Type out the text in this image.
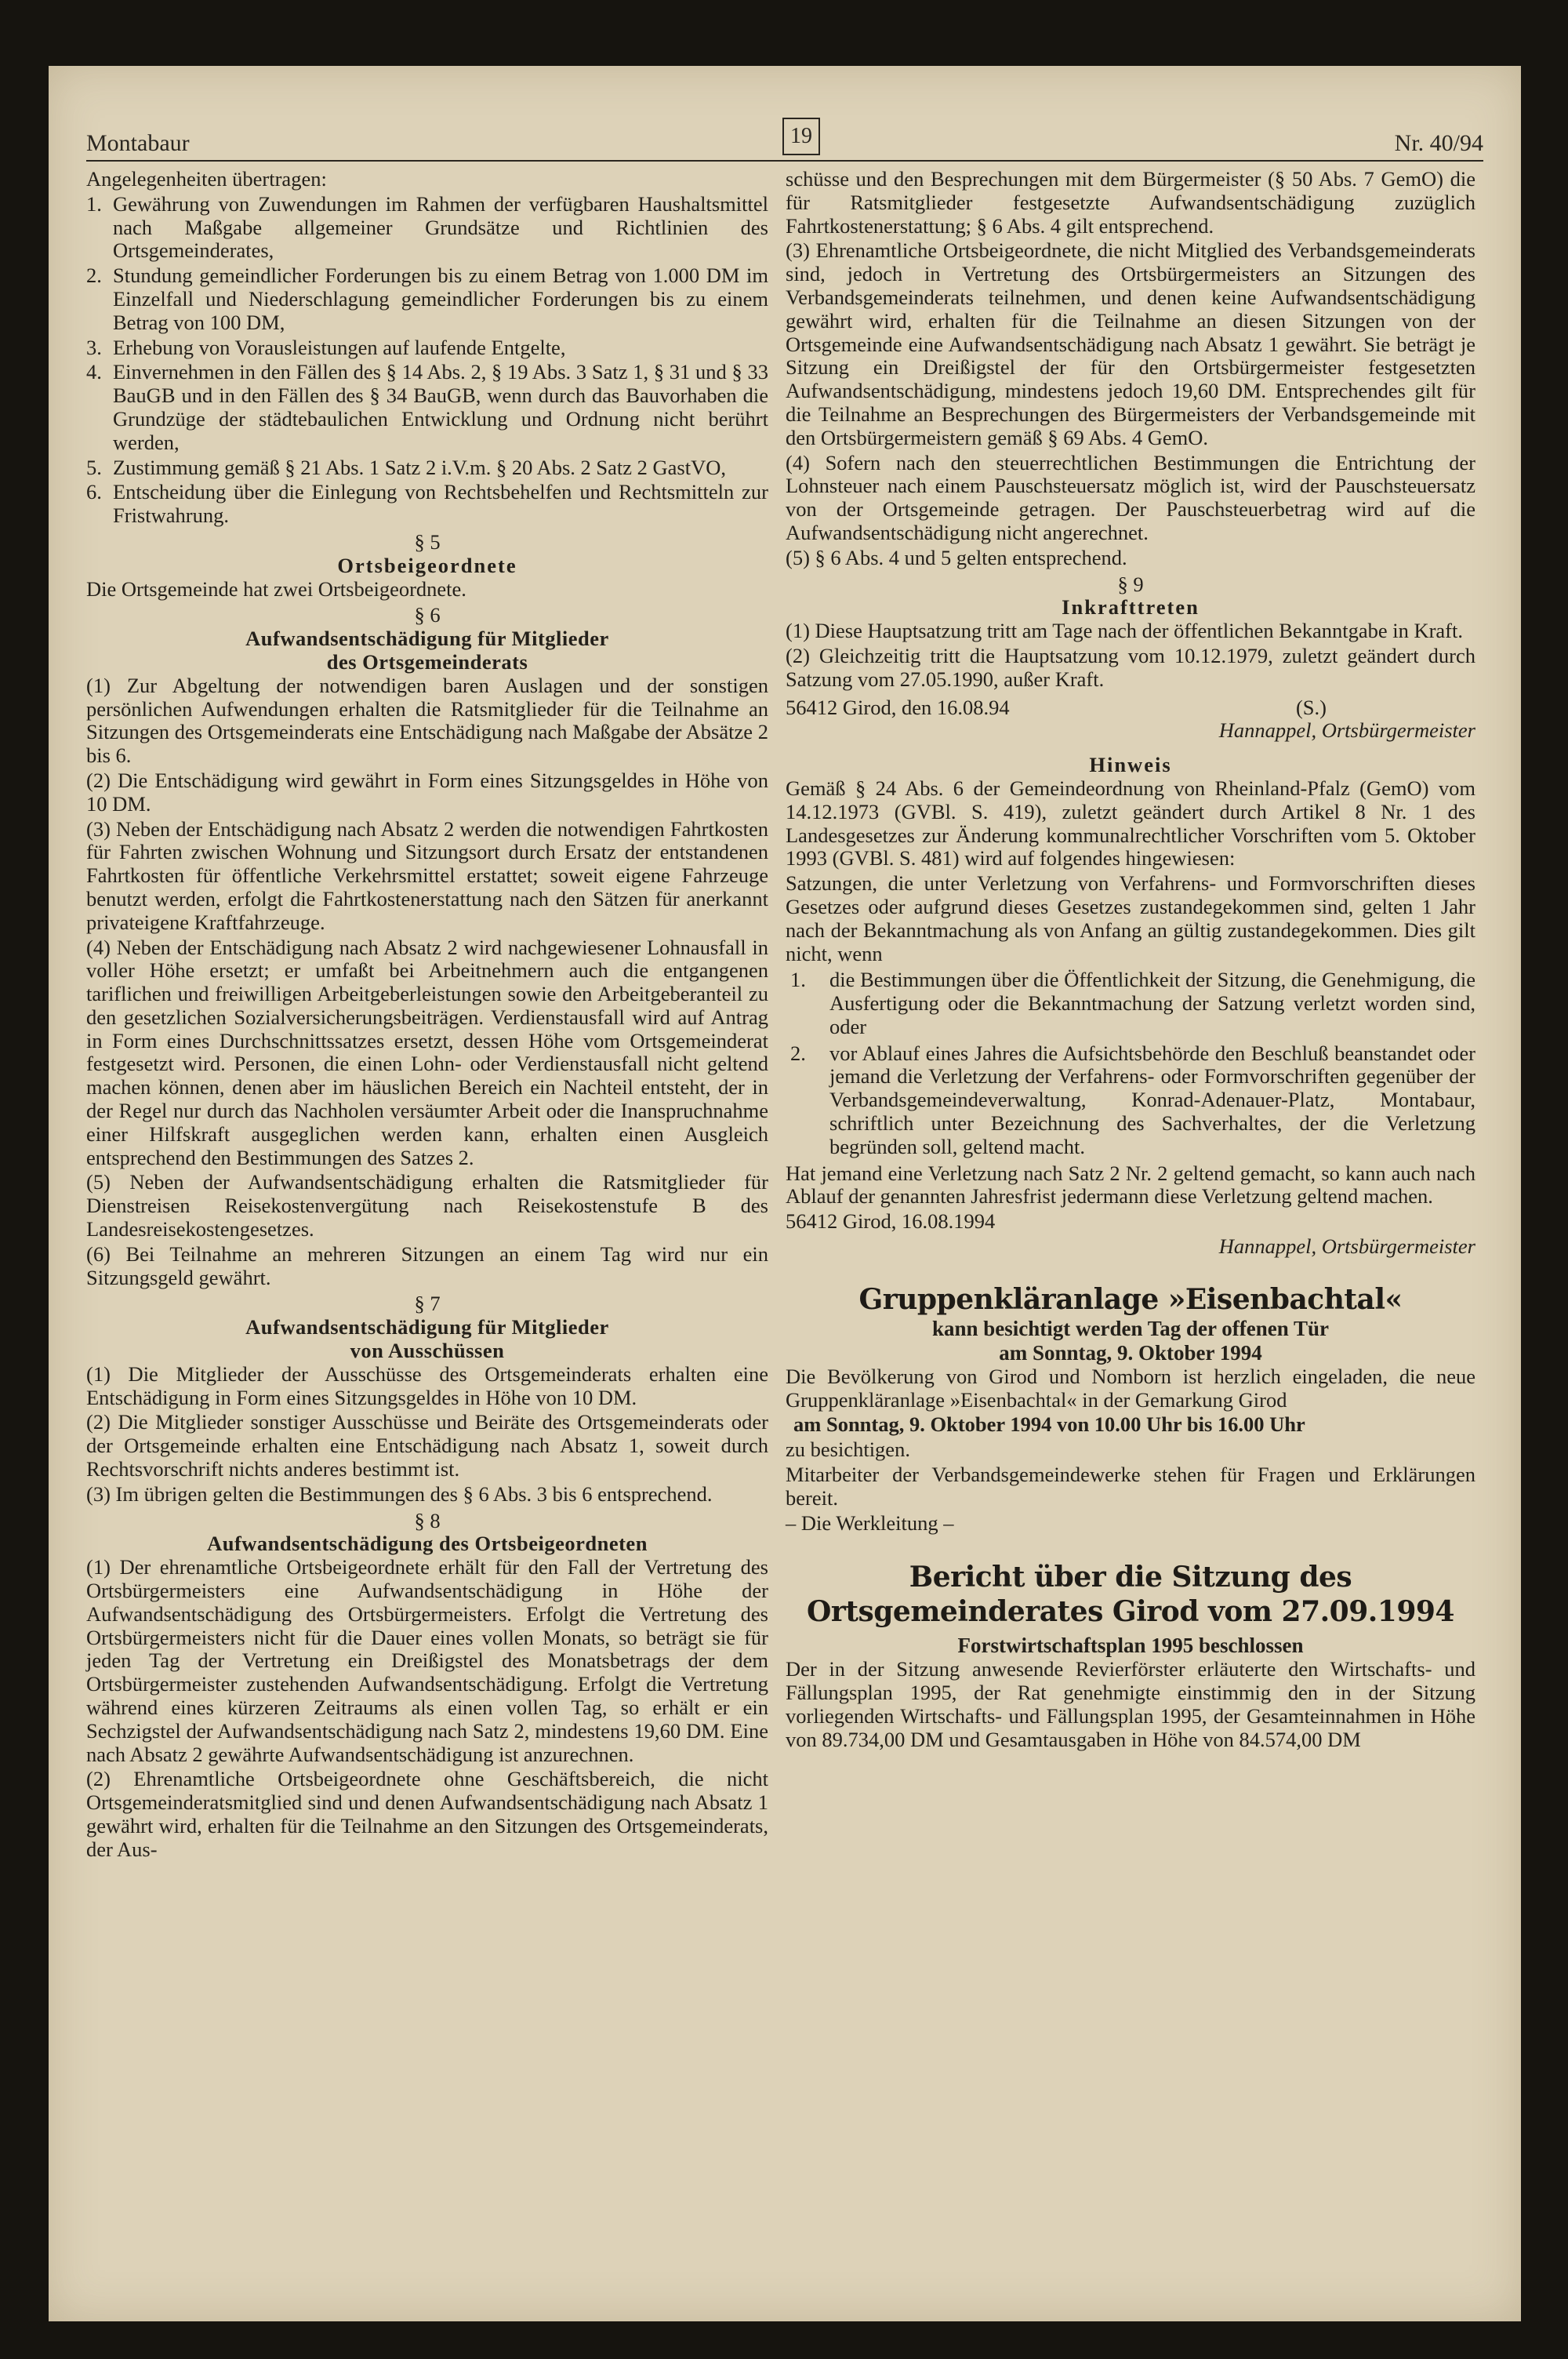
Montabaur	19	Nr. 40/94

Angelegenheiten übertragen:

1. Gewährung von Zuwendungen im Rahmen der verfügbaren Haushaltsmittel nach Maßgabe allgemeiner Grundsätze und Richtlinien des Ortsgemeinderates,
2. Stundung gemeindlicher Forderungen bis zu einem Betrag von 1.000 DM im Einzelfall und Niederschlagung gemeindlicher Forderungen bis zu einem Betrag von 100 DM,
3. Erhebung von Vorausleistungen auf laufende Entgelte,
4. Einvernehmen in den Fällen des § 14 Abs. 2, § 19 Abs. 3 Satz 1, § 31 und § 33 BauGB und in den Fällen des § 34 BauGB, wenn durch das Bauvorhaben die Grundzüge der städtebaulichen Entwicklung und Ordnung nicht berührt werden,
5. Zustimmung gemäß § 21 Abs. 1 Satz 2 i.V.m. § 20 Abs. 2 Satz 2 GastVO,
6. Entscheidung über die Einlegung von Rechtsbehelfen und Rechtsmitteln zur Fristwahrung.
§ 5
Ortsbeigeordnete

Die Ortsgemeinde hat zwei Ortsbeigeordnete.

§ 6
Aufwandsentschädigung für Mitglieder
des Ortsgemeinderats

(1) Zur Abgeltung der notwendigen baren Auslagen und der sonstigen persönlichen Aufwendungen erhalten die Ratsmitglieder für die Teilnahme an Sitzungen des Ortsgemeinderats eine Entschädigung nach Maßgabe der Absätze 2 bis 6.

(2) Die Entschädigung wird gewährt in Form eines Sitzungsgeldes in Höhe von 10 DM.

(3) Neben der Entschädigung nach Absatz 2 werden die notwendigen Fahrtkosten für Fahrten zwischen Wohnung und Sitzungsort durch Ersatz der entstandenen Fahrtkosten für öffentliche Verkehrsmittel erstattet; soweit eigene Fahrzeuge benutzt werden, erfolgt die Fahrtkostenerstattung nach den Sätzen für anerkannt privateigene Kraftfahrzeuge.

(4) Neben der Entschädigung nach Absatz 2 wird nachgewiesener Lohnausfall in voller Höhe ersetzt; er umfaßt bei Arbeitnehmern auch die entgangenen tariflichen und freiwilligen Arbeitgeberleistungen sowie den Arbeitgeberanteil zu den gesetzlichen Sozialversicherungsbeiträgen. Verdienstausfall wird auf Antrag in Form eines Durchschnittssatzes ersetzt, dessen Höhe vom Ortsgemeinderat festgesetzt wird. Personen, die einen Lohn- oder Verdienstausfall nicht geltend machen können, denen aber im häuslichen Bereich ein Nachteil entsteht, der in der Regel nur durch das Nachholen versäumter Arbeit oder die Inanspruchnahme einer Hilfskraft ausgeglichen werden kann, erhalten einen Ausgleich entsprechend den Bestimmungen des Satzes 2.

(5) Neben der Aufwandsentschädigung erhalten die Ratsmitglieder für Dienstreisen Reisekostenvergütung nach Reisekostenstufe B des Landesreisekostengesetzes.

(6) Bei Teilnahme an mehreren Sitzungen an einem Tag wird nur ein Sitzungsgeld gewährt.

§ 7
Aufwandsentschädigung für Mitglieder
von Ausschüssen

(1) Die Mitglieder der Ausschüsse des Ortsgemeinderats erhalten eine Entschädigung in Form eines Sitzungsgeldes in Höhe von 10 DM.

(2) Die Mitglieder sonstiger Ausschüsse und Beiräte des Ortsgemeinderats oder der Ortsgemeinde erhalten eine Entschädigung nach Absatz 1, soweit durch Rechtsvorschrift nichts anderes bestimmt ist.

(3) Im übrigen gelten die Bestimmungen des § 6 Abs. 3 bis 6 entsprechend.

§ 8
Aufwandsentschädigung des Ortsbeigeordneten

(1) Der ehrenamtliche Ortsbeigeordnete erhält für den Fall der Vertretung des Ortsbürgermeisters eine Aufwandsentschädigung in Höhe der Aufwandsentschädigung des Ortsbürgermeisters. Erfolgt die Vertretung des Ortsbürgermeisters nicht für die Dauer eines vollen Monats, so beträgt sie für jeden Tag der Vertretung ein Dreißigstel des Monatsbetrags der dem Ortsbürgermeister zustehenden Aufwandsentschädigung. Erfolgt die Vertretung während eines kürzeren Zeitraums als einen vollen Tag, so erhält er ein Sechzigstel der Aufwandsentschädigung nach Satz 2, mindestens 19,60 DM. Eine nach Absatz 2 gewährte Aufwandsentschädigung ist anzurechnen.

(2) Ehrenamtliche Ortsbeigeordnete ohne Geschäftsbereich, die nicht Ortsgemeinderatsmitglied sind und denen Aufwandsentschädigung nach Absatz 1 gewährt wird, erhalten für die Teilnahme an den Sitzungen des Ortsgemeinderats, der Aus-

schüsse und den Besprechungen mit dem Bürgermeister (§ 50 Abs. 7 GemO) die für Ratsmitglieder festgesetzte Aufwandsentschädigung zuzüglich Fahrtkostenerstattung; § 6 Abs. 4 gilt entsprechend.

(3) Ehrenamtliche Ortsbeigeordnete, die nicht Mitglied des Verbandsgemeinderats sind, jedoch in Vertretung des Ortsbürgermeisters an Sitzungen des Verbandsgemeinderats teilnehmen, und denen keine Aufwandsentschädigung gewährt wird, erhalten für die Teilnahme an diesen Sitzungen von der Ortsgemeinde eine Aufwandsentschädigung nach Absatz 1 gewährt. Sie beträgt je Sitzung ein Dreißigstel der für den Ortsbürgermeister festgesetzten Aufwandsentschädigung, mindestens jedoch 19,60 DM. Entsprechendes gilt für die Teilnahme an Besprechungen des Bürgermeisters der Verbandsgemeinde mit den Ortsbürgermeistern gemäß § 69 Abs. 4 GemO.

(4) Sofern nach den steuerrechtlichen Bestimmungen die Entrichtung der Lohnsteuer nach einem Pauschsteuersatz möglich ist, wird der Pauschsteuersatz von der Ortsgemeinde getragen. Der Pauschsteuerbetrag wird auf die Aufwandsentschädigung nicht angerechnet.

(5) § 6 Abs. 4 und 5 gelten entsprechend.

§ 9
Inkrafttreten

(1) Diese Hauptsatzung tritt am Tage nach der öffentlichen Bekanntgabe in Kraft.

(2) Gleichzeitig tritt die Hauptsatzung vom 10.12.1979, zuletzt geändert durch Satzung vom 27.05.1990, außer Kraft.

56412 Girod, den 16.08.94	(S.)
Hannappel, Ortsbürgermeister
Hinweis

Gemäß § 24 Abs. 6 der Gemeindeordnung von Rheinland-Pfalz (GemO) vom 14.12.1973 (GVBl. S. 419), zuletzt geändert durch Artikel 8 Nr. 1 des Landesgesetzes zur Änderung kommunalrechtlicher Vorschriften vom 5. Oktober 1993 (GVBl. S. 481) wird auf folgendes hingewiesen:

Satzungen, die unter Verletzung von Verfahrens- und Formvorschriften dieses Gesetzes oder aufgrund dieses Gesetzes zustandegekommen sind, gelten 1 Jahr nach der Bekanntmachung als von Anfang an gültig zustandegekommen. Dies gilt nicht, wenn

1.	die Bestimmungen über die Öffentlichkeit der Sitzung, die Genehmigung, die Ausfertigung oder die Bekanntmachung der Satzung verletzt worden sind, oder
2.	vor Ablauf eines Jahres die Aufsichtsbehörde den Beschluß beanstandet oder jemand die Verletzung der Verfahrens- oder Formvorschriften gegenüber der Verbandsgemeindeverwaltung, Konrad-Adenauer-Platz, Montabaur, schriftlich unter Bezeichnung des Sachverhaltes, der die Verletzung begründen soll, geltend macht.

Hat jemand eine Verletzung nach Satz 2 Nr. 2 geltend gemacht, so kann auch nach Ablauf der genannten Jahresfrist jedermann diese Verletzung geltend machen.

56412 Girod, 16.08.1994

Hannappel, Ortsbürgermeister
Gruppenkläranlage »Eisenbachtal«
kann besichtigt werden Tag der offenen Tür
am Sonntag, 9. Oktober 1994

Die Bevölkerung von Girod und Nomborn ist herzlich eingeladen, die neue Gruppenkläranlage »Eisenbachtal« in der Gemarkung Girod

am Sonntag, 9. Oktober 1994 von 10.00 Uhr bis 16.00 Uhr

zu besichtigen.

Mitarbeiter der Verbandsgemeindewerke stehen für Fragen und Erklärungen bereit.

– Die Werkleitung –

Bericht über die Sitzung des
Ortsgemeinderates Girod vom 27.09.1994
Forstwirtschaftsplan 1995 beschlossen

Der in der Sitzung anwesende Revierförster erläuterte den Wirtschafts- und Fällungsplan 1995, der Rat genehmigte einstimmig den in der Sitzung vorliegenden Wirtschafts- und Fällungsplan 1995, der Gesamteinnahmen in Höhe von 89.734,00 DM und Gesamtausgaben in Höhe von 84.574,00 DM
